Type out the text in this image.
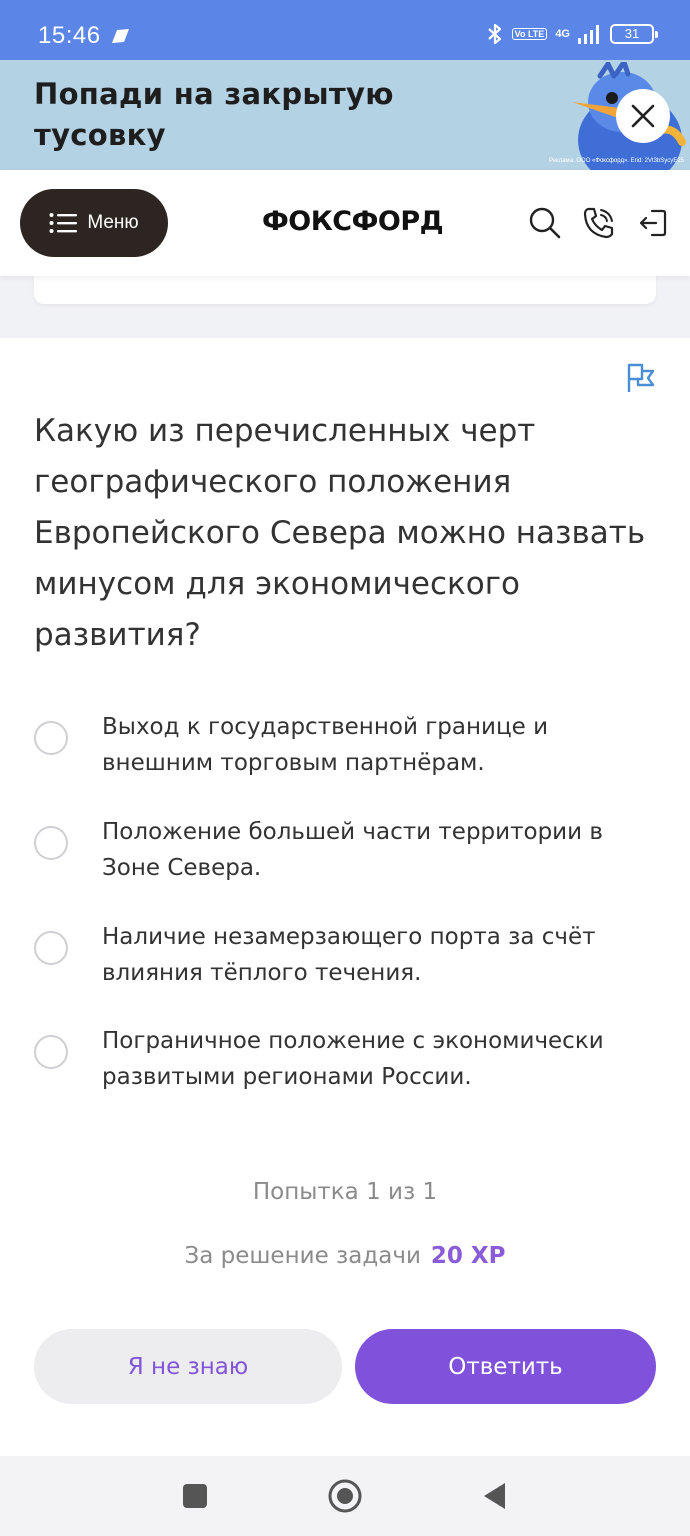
15:46	Vo LTE 4G	31
Попади на закрытую
тусовку
Реклама. ООО «Фоксфорд». Erid: 2Vt3bSycyE25
Меню	ФОКСФОРД
Какую из перечисленных черт географического положения Европейского Севера можно назвать минусом для экономического развития?
Выход к государственной границе и внешним торговым партнёрам.
Положение большей части территории в Зоне Севера.
Наличие незамерзающего порта за счёт влияния тёплого течения.
Пограничное положение с экономически развитыми регионами России.
Попытка 1 из 1
За решение задачи 20 XP
Я не знаю	Ответить
